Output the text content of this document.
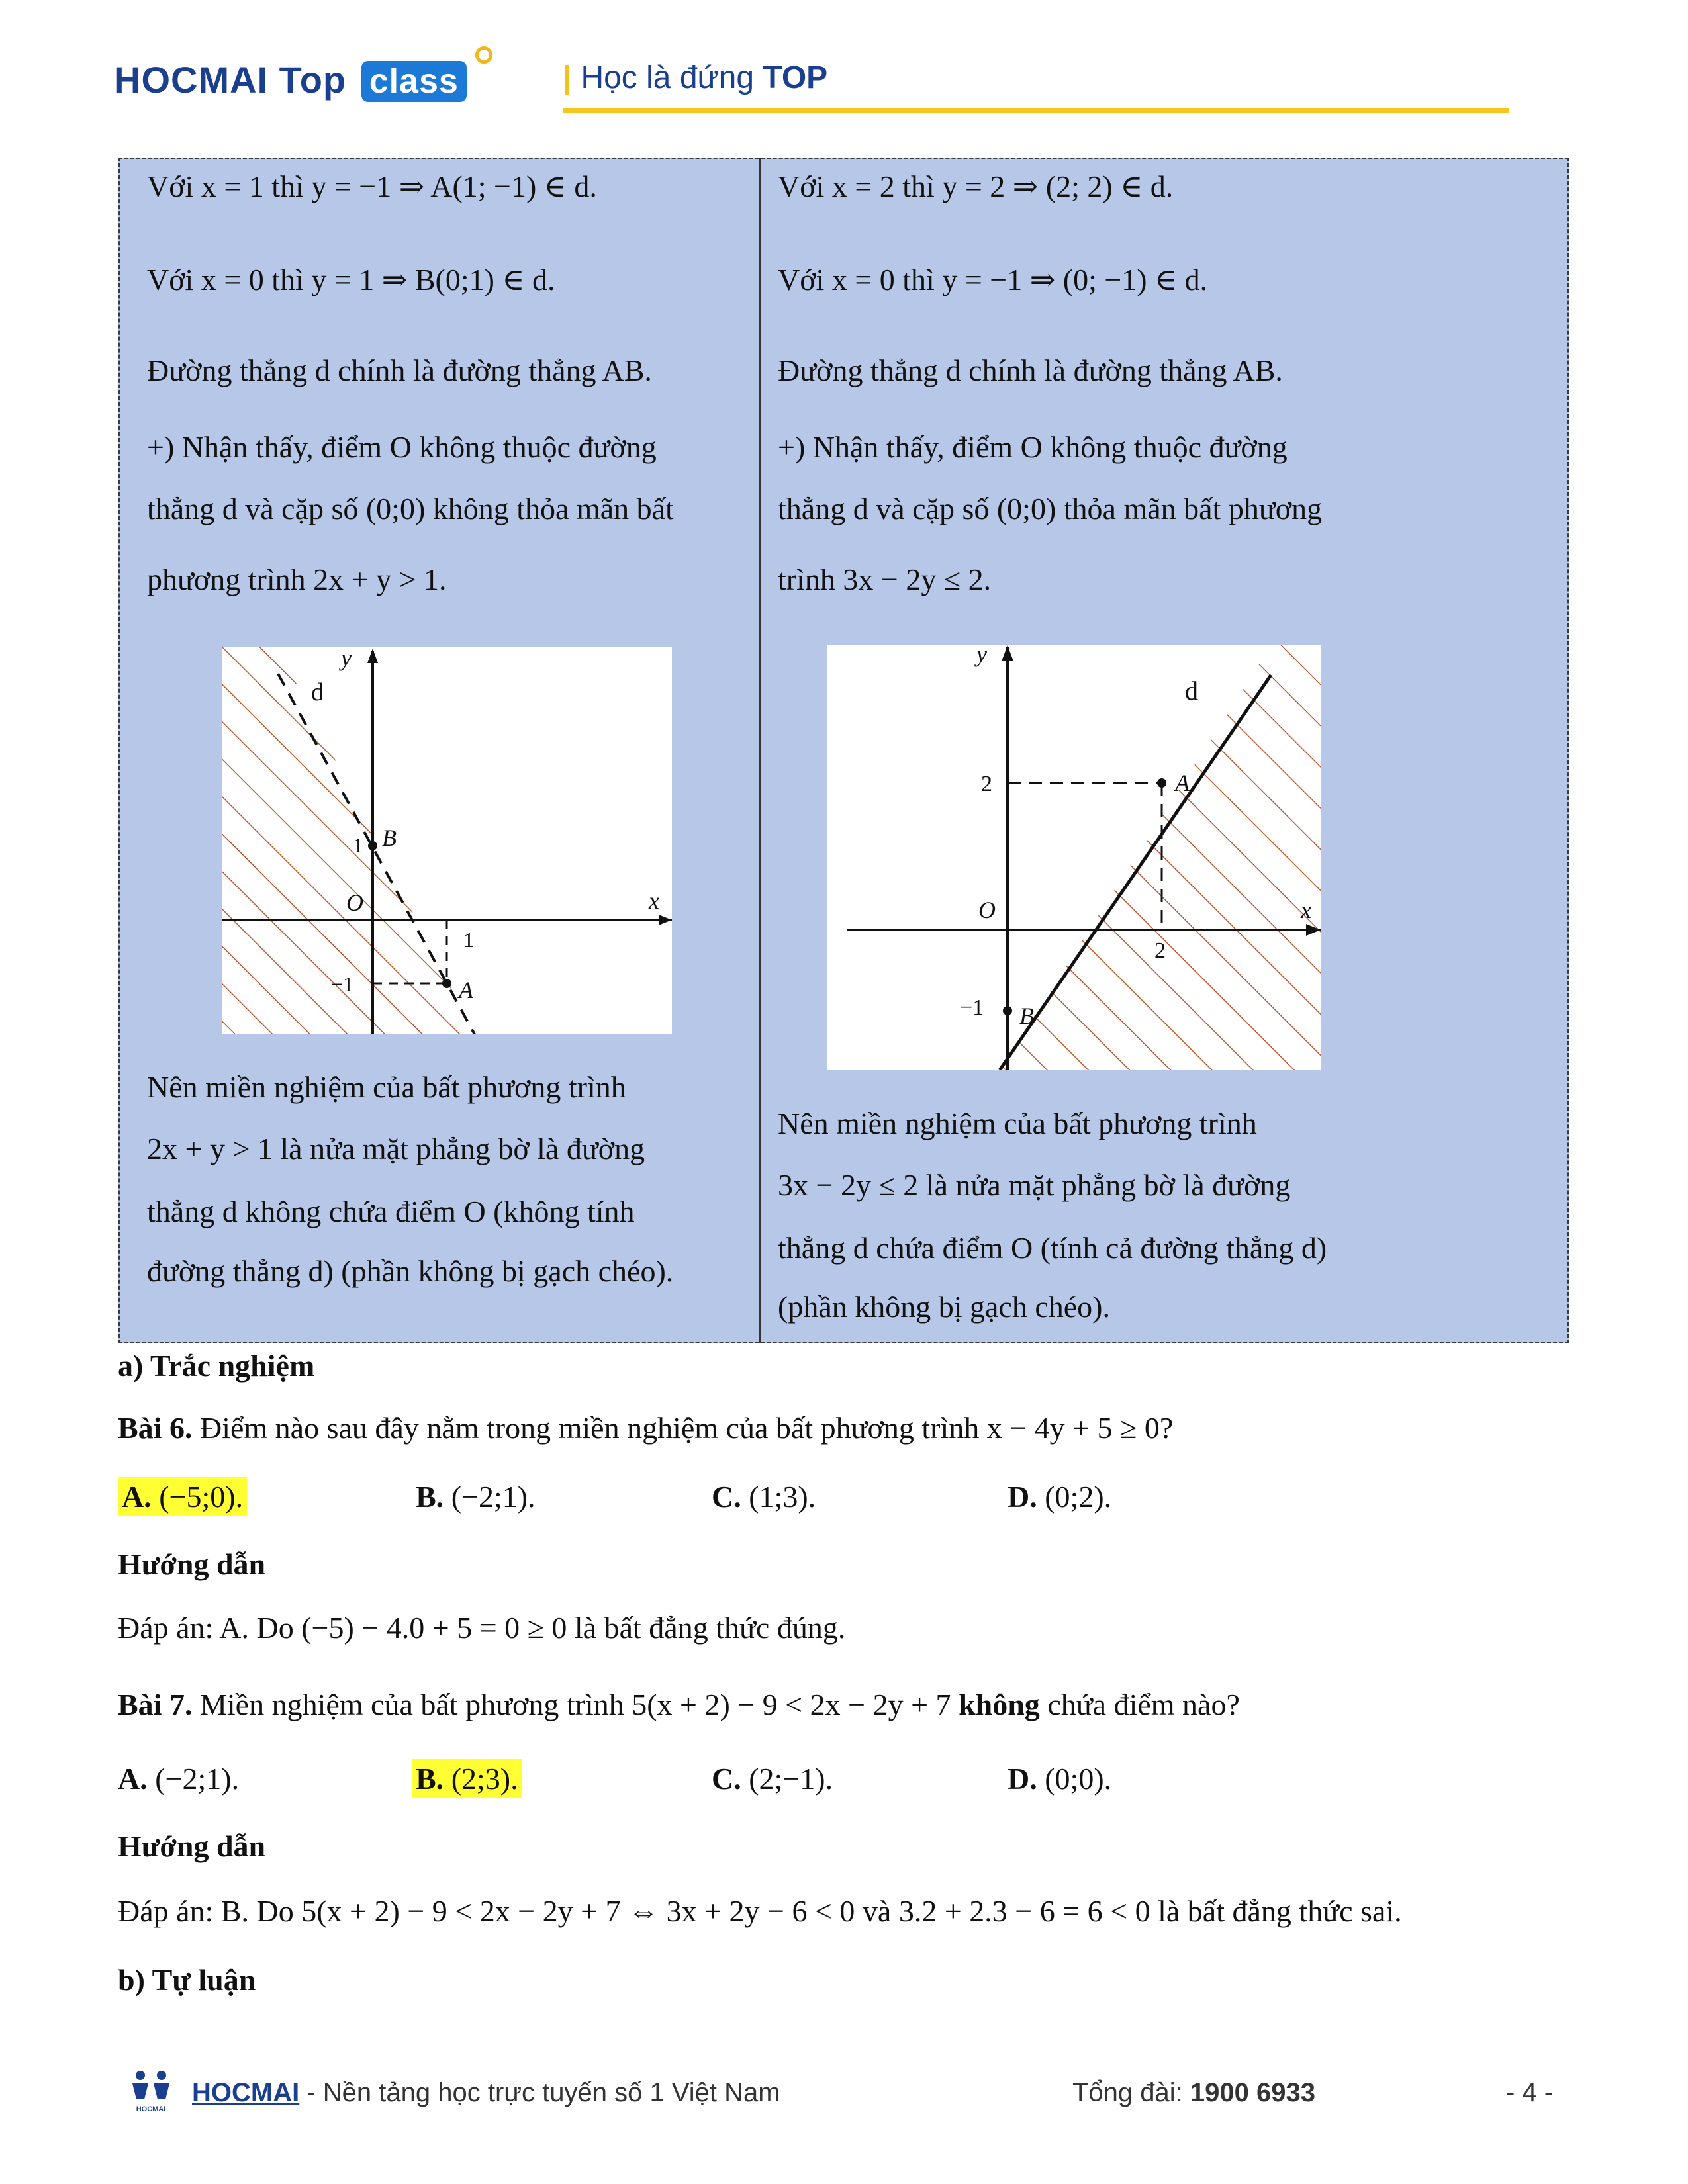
HOCMAI Top class	| Học là đứng TOP

Với x = 1 thì y = −1 ⇒ A(1; −1) ∈ d.

Với x = 0 thì y = 1 ⇒ B(0;1) ∈ d.

Đường thẳng d chính là đường thẳng AB.

+) Nhận thấy, điểm O không thuộc đường

thẳng d và cặp số (0;0) không thỏa mãn bất

phương trình 2x + y > 1.

Nên miền nghiệm của bất phương trình

2x + y > 1 là nửa mặt phẳng bờ là đường

thẳng d không chứa điểm O (không tính

đường thẳng d) (phần không bị gạch chéo).

y
x
d
B
1
O
1
−1	A

Với x = 2 thì y = 2 ⇒ (2; 2) ∈ d.

Với x = 0 thì y = −1 ⇒ (0; −1) ∈ d.

Đường thẳng d chính là đường thẳng AB.

+) Nhận thấy, điểm O không thuộc đường

thẳng d và cặp số (0;0) thỏa mãn bất phương

trình 3x − 2y ≤ 2.

Nên miền nghiệm của bất phương trình

3x − 2y ≤ 2 là nửa mặt phẳng bờ là đường

thẳng d chứa điểm O (tính cả đường thẳng d)

(phần không bị gạch chéo).

y
x
d
A
2
O
2
−1 B
a) Trắc nghiệm
Bài 6. Điểm nào sau đây nằm trong miền nghiệm của bất phương trình x − 4y + 5 ≥ 0?
A. (−5;0).	B. (−2;1).	C. (1;3).	D. (0;2).
Hướng dẫn
Đáp án: A. Do (−5) − 4.0 + 5 = 0 ≥ 0 là bất đẳng thức đúng.
Bài 7. Miền nghiệm của bất phương trình 5(x + 2) − 9 < 2x − 2y + 7 không chứa điểm nào?
A. (−2;1).	B. (2;3).	C. (2;−1).	D. (0;0).
Hướng dẫn
Đáp án: B. Do 5(x + 2) − 9 < 2x − 2y + 7 ⇔ 3x + 2y − 6 < 0 và 3.2 + 2.3 − 6 = 6 < 0 là bất đẳng thức sai.
b) Tự luận
HOCMAI
HOCMAI - Nền tảng học trực tuyến số 1 Việt Nam	Tổng đài: 1900 6933	- 4 -
